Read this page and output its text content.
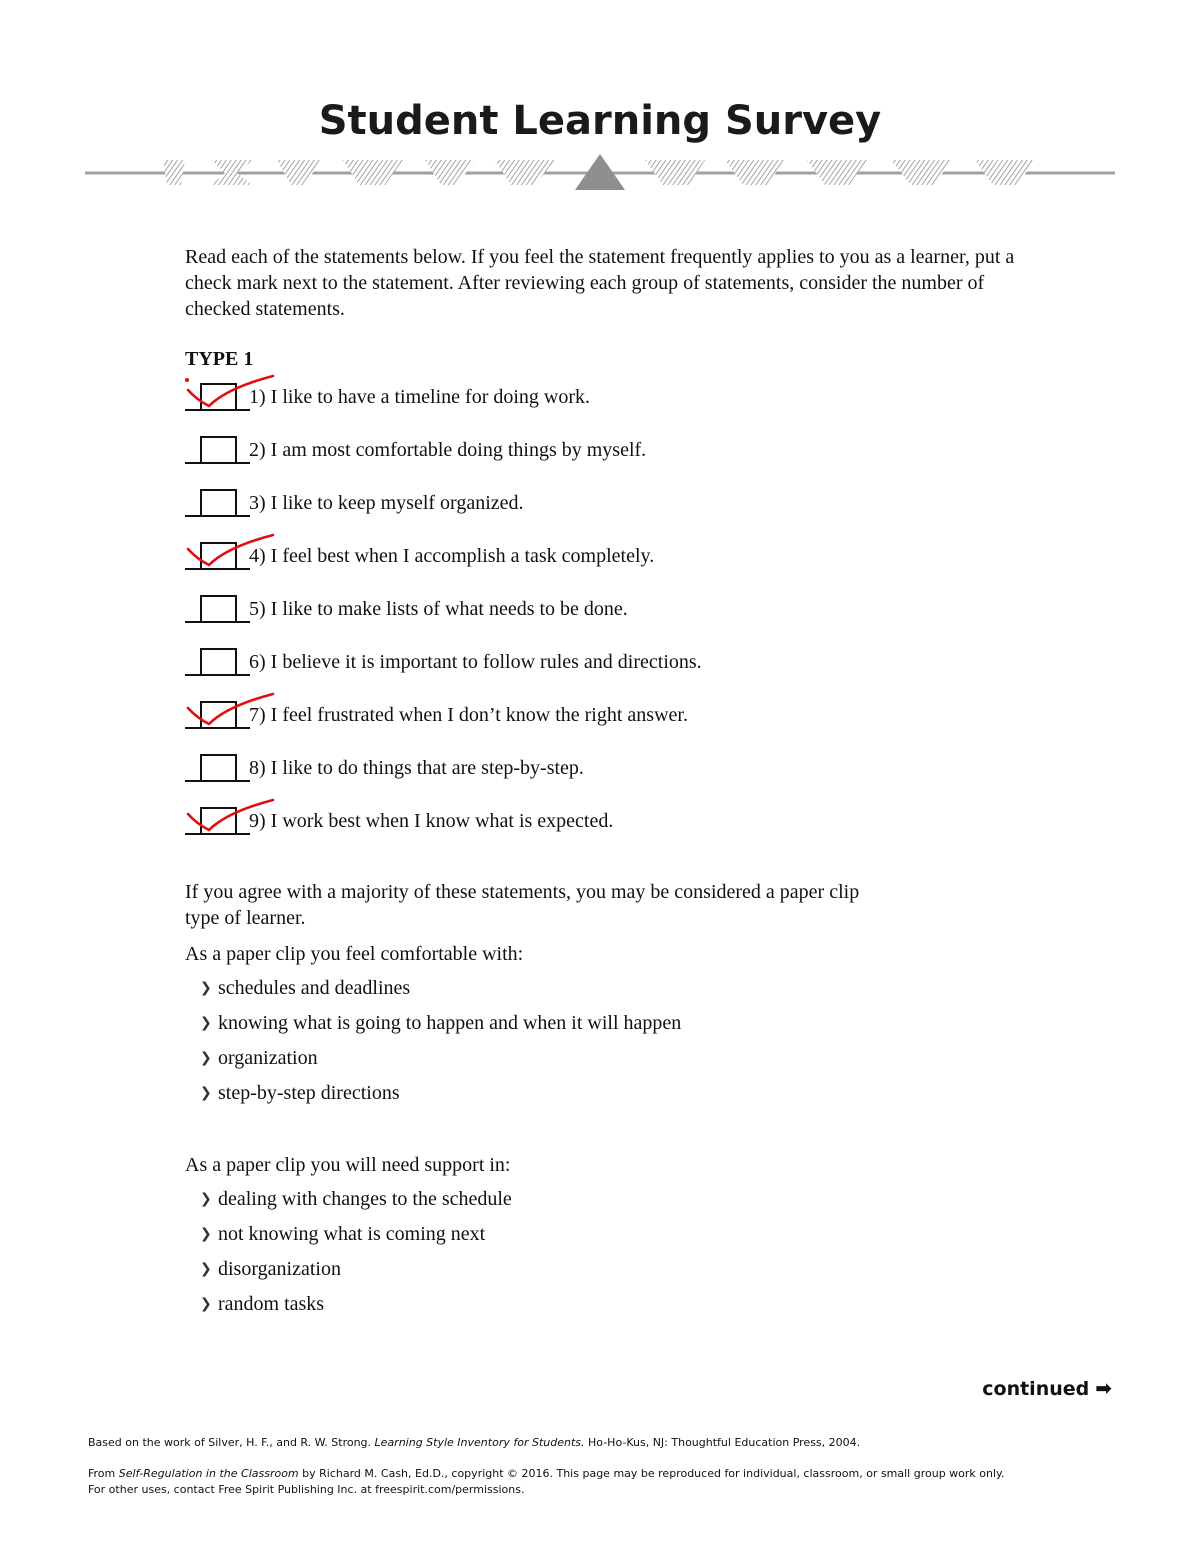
Student Learning Survey
Read each of the statements below. If you feel the statement frequently applies to you as a learner, put a check mark next to the statement. After reviewing each group of statements, consider the number of checked statements.
TYPE 1
1) I like to have a timeline for doing work.
2) I am most comfortable doing things by myself.
3) I like to keep myself organized.
4) I feel best when I accomplish a task completely.
5) I like to make lists of what needs to be done.
6) I believe it is important to follow rules and directions.
7) I feel frustrated when I don’t know the right answer.
8) I like to do things that are step-by-step.
9) I work best when I know what is expected.
If you agree with a majority of these statements, you may be considered a paper clip type of learner.
As a paper clip you feel comfortable with:
❯ schedules and deadlines
❯ knowing what is going to happen and when it will happen
❯ organization
❯ step-by-step directions
As a paper clip you will need support in:
❯ dealing with changes to the schedule
❯ not knowing what is coming next
❯ disorganization
❯ random tasks
continued ➡
Based on the work of Silver, H. F., and R. W. Strong. Learning Style Inventory for Students. Ho-Ho-Kus, NJ: Thoughtful Education Press, 2004.
From Self-Regulation in the Classroom by Richard M. Cash, Ed.D., copyright © 2016. This page may be reproduced for individual, classroom, or small group work only.
For other uses, contact Free Spirit Publishing Inc. at freespirit.com/permissions.
